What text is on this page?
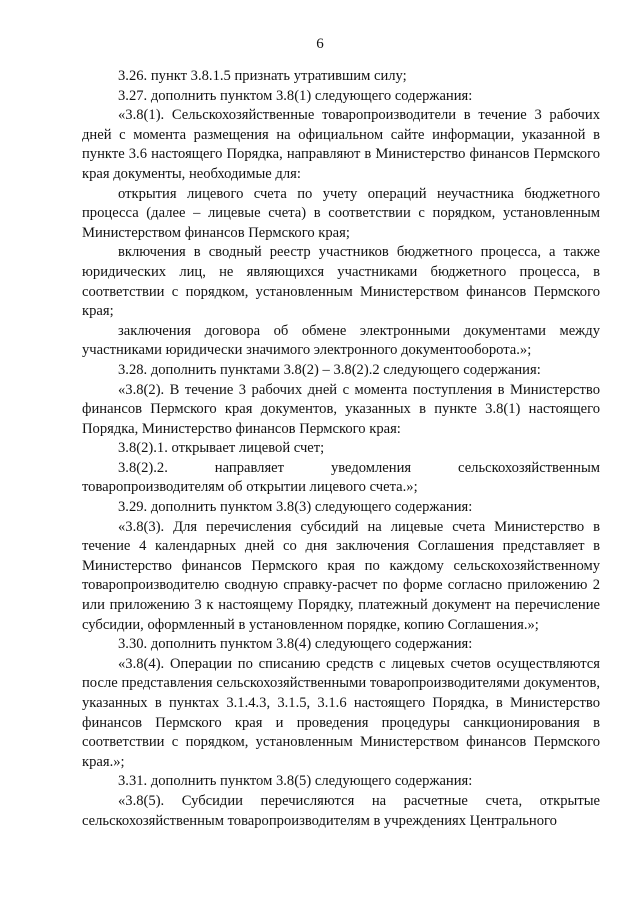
6

3.26. пункт 3.8.1.5 признать утратившим силу;

3.27. дополнить пунктом 3.8(1) следующего содержания:

«3.8(1). Сельскохозяйственные товаропроизводители в течение 3 рабочих дней с момента размещения на официальном сайте информации, указанной в пункте 3.6 настоящего Порядка, направляют в Министерство финансов Пермского края документы, необходимые для:

открытия лицевого счета по учету операций неучастника бюджетного процесса (далее – лицевые счета) в соответствии с порядком, установленным Министерством финансов Пермского края;

включения в сводный реестр участников бюджетного процесса, а также юридических лиц, не являющихся участниками бюджетного процесса, в соответствии с порядком, установленным Министерством финансов Пермского края;

заключения договора об обмене электронными документами между участниками юридически значимого электронного документооборота.»;

3.28. дополнить пунктами 3.8(2) – 3.8(2).2 следующего содержания:

«3.8(2). В течение 3 рабочих дней с момента поступления в Министерство финансов Пермского края документов, указанных в пункте 3.8(1) настоящего Порядка, Министерство финансов Пермского края:

3.8(2).1. открывает лицевой счет;

3.8(2).2. направляет уведомления сельскохозяйственным товаропроизводителям об открытии лицевого счета.»;

3.29. дополнить пунктом 3.8(3) следующего содержания:

«3.8(3). Для перечисления субсидий на лицевые счета Министерство в течение 4 календарных дней со дня заключения Соглашения представляет в Министерство финансов Пермского края по каждому сельскохозяйственному товаропроизводителю сводную справку-расчет по форме согласно приложению 2 или приложению 3 к настоящему Порядку, платежный документ на перечисление субсидии, оформленный в установленном порядке, копию Соглашения.»;

3.30. дополнить пунктом 3.8(4) следующего содержания:

«3.8(4). Операции по списанию средств с лицевых счетов осуществляются после представления сельскохозяйственными товаропроизводителями документов, указанных в пунктах 3.1.4.3, 3.1.5, 3.1.6 настоящего Порядка, в Министерство финансов Пермского края и проведения процедуры санкционирования в соответствии с порядком, установленным Министерством финансов Пермского края.»;

3.31. дополнить пунктом 3.8(5) следующего содержания:

«3.8(5). Субсидии перечисляются на расчетные счета, открытые сельскохозяйственным товаропроизводителям в учреждениях Центрального
